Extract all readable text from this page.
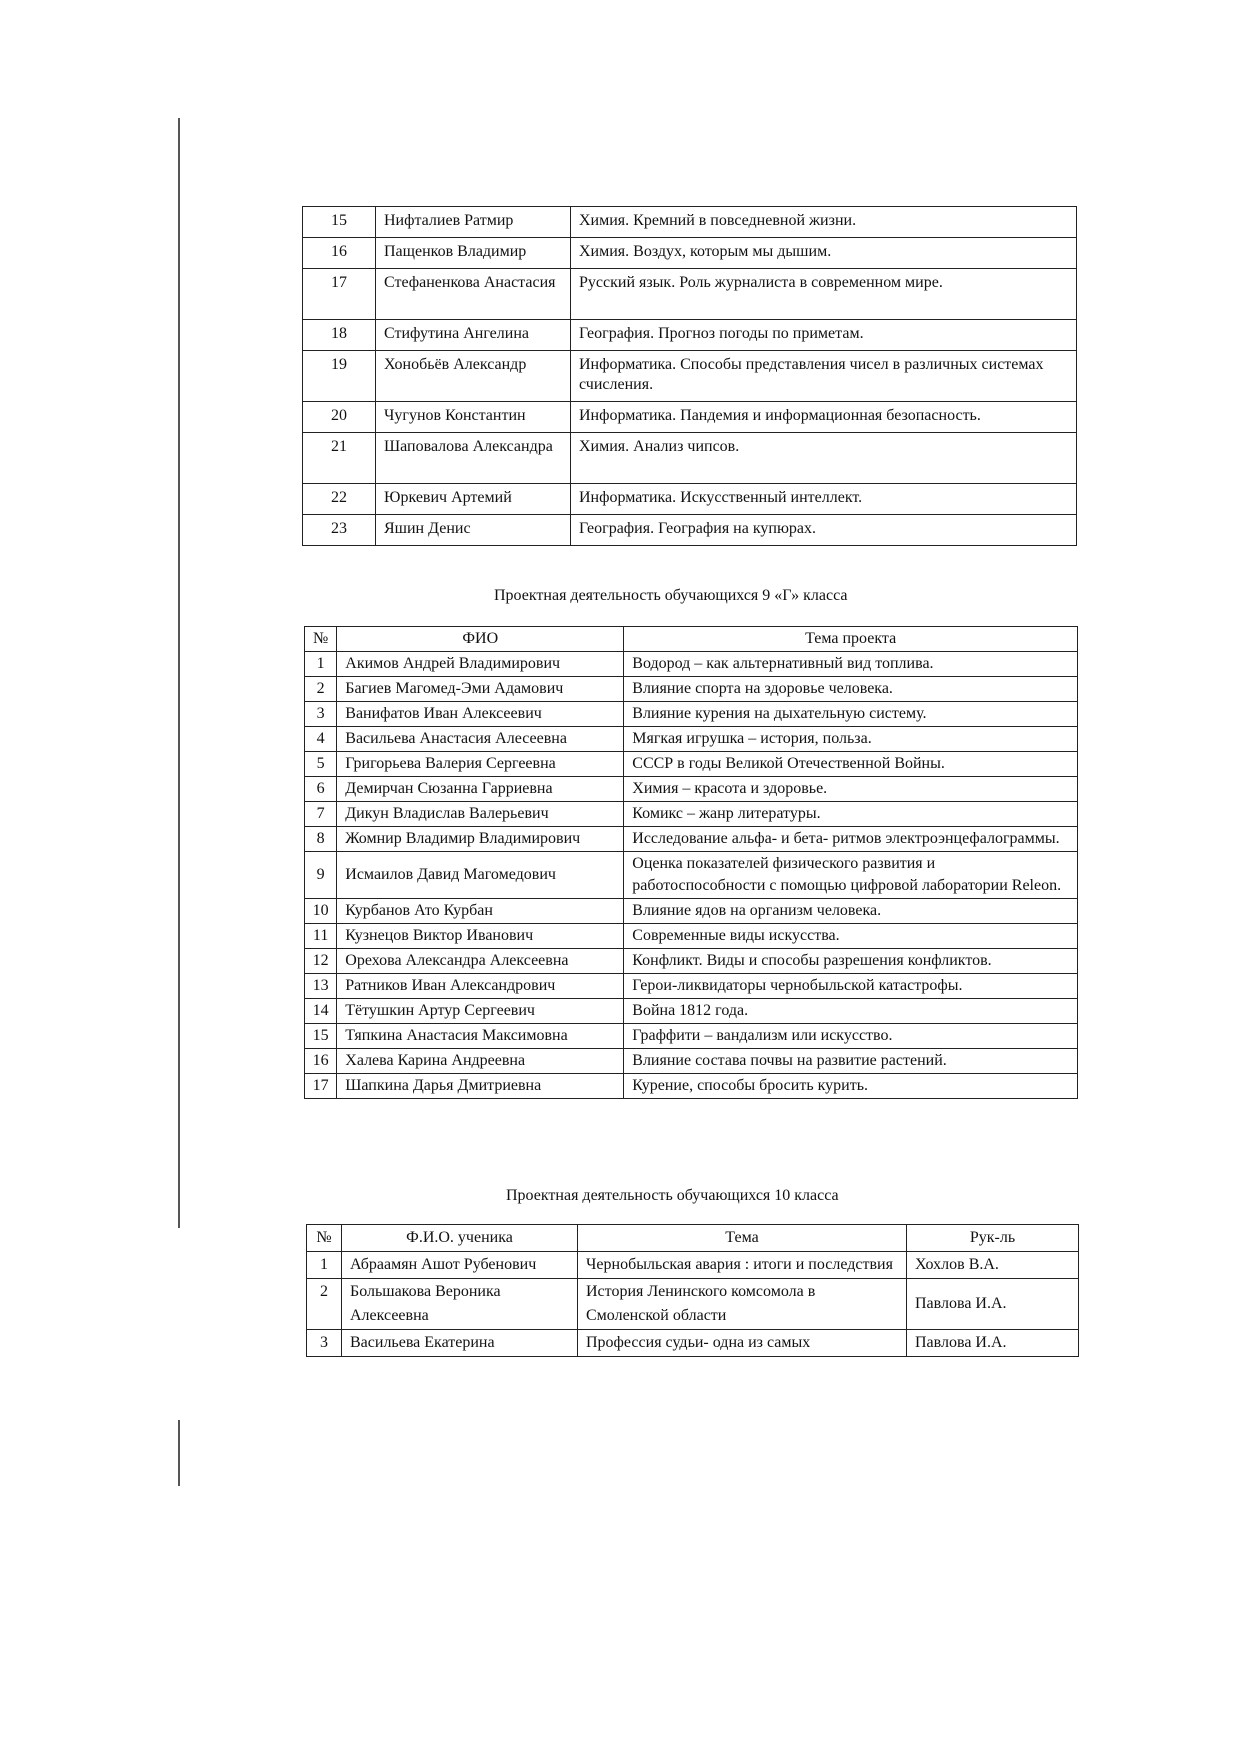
15	Нифталиев Ратмир	Химия. Кремний в повседневной жизни.
16	Пащенков Владимир	Химия. Воздух, которым мы дышим.
17	Стефаненкова Анастасия	Русский язык. Роль журналиста в современном мире.
18	Стифутина Ангелина	География. Прогноз погоды по приметам.
19	Хонобьёв Александр	Информатика. Способы представления чисел в различных системах счисления.
20	Чугунов Константин	Информатика. Пандемия и информационная безопасность.
21	Шаповалова Александра	Химия. Анализ чипсов.
22	Юркевич Артемий	Информатика. Искусственный интеллект.
23	Яшин Денис	География. География на купюрах.
Проектная деятельность обучающихся 9 «Г» класса
№	ФИО	Тема проекта
1	Акимов Андрей Владимирович	Водород – как альтернативный вид топлива.
2	Багиев Магомед-Эми Адамович	Влияние спорта на здоровье человека.
3	Ванифатов Иван Алексеевич	Влияние курения на дыхательную систему.
4	Васильева Анастасия Алесеевна	Мягкая игрушка – история, польза.
5	Григорьева Валерия Сергеевна	СССР в годы Великой Отечественной Войны.
6	Демирчан Сюзанна Гарриевна	Химия – красота и здоровье.
7	Дикун Владислав Валерьевич	Комикс – жанр литературы.
8	Жомнир Владимир Владимирович	Исследование альфа- и бета- ритмов электроэнцефалограммы.
9	Исмаилов Давид Магомедович	Оценка показателей физического развития и работоспособности с помощью цифровой лаборатории Releon.
10	Курбанов Ато Курбан	Влияние ядов на организм человека.
11	Кузнецов Виктор Иванович	Современные виды искусства.
12	Орехова Александра Алексеевна	Конфликт. Виды и способы разрешения конфликтов.
13	Ратников Иван Александрович	Герои-ликвидаторы чернобыльской катастрофы.
14	Тётушкин Артур Сергеевич	Война 1812 года.
15	Тяпкина Анастасия Максимовна	Граффити – вандализм или искусство.
16	Халева Карина Андреевна	Влияние состава почвы на развитие растений.
17	Шапкина Дарья Дмитриевна	Курение, способы бросить курить.
Проектная деятельность обучающихся 10 класса
№	Ф.И.О. ученика	Тема	Рук-ль
1	Абраамян Ашот Рубенович	Чернобыльская авария : итоги и последствия	Хохлов В.А.
2	Большакова Вероника Алексеевна	История Ленинского комсомола в Смоленской области	Павлова И.А.
3	Васильева Екатерина	Профессия судьи- одна из самых	Павлова И.А.
